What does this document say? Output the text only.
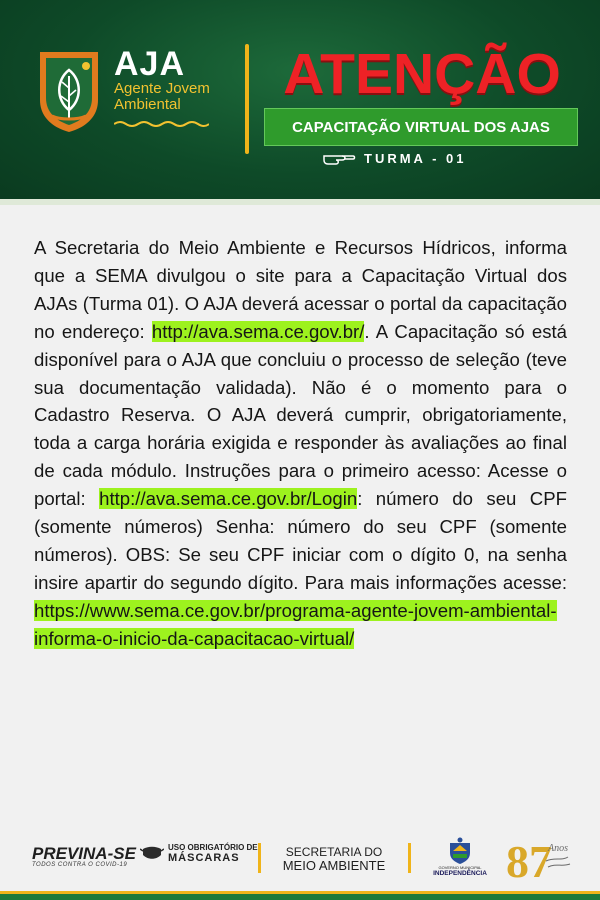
AJA
Agente Jovem
Ambiental	ATENÇÃO
CAPACITAÇÃO VIRTUAL DOS AJAS
TURMA - 01
A Secretaria do Meio Ambiente e Recursos Hídricos, informa que a SEMA divulgou o site para a Capacitação Virtual dos AJAs (Turma 01). O AJA deverá acessar o portal da capacitação no endereço: http://ava.sema.ce.gov.br/. A Capacitação só está disponível para o AJA que concluiu o processo de seleção (teve sua documentação validada). Não é o momento para o Cadastro Reserva. O AJA deverá cumprir, obrigatoriamente, toda a carga horária exigida e responder às avaliações ao final de cada módulo. Instruções para o primeiro acesso: Acesse o portal: http://ava.sema.ce.gov.br/Login: número do seu CPF (somente números) Senha: número do seu CPF (somente números). OBS: Se seu CPF iniciar com o dígito 0, na senha insire apartir do segundo dígito. Para mais informações acesse: https://www.sema.ce.gov.br/programa-agente-jovem-ambiental-informa-o-inicio-da-capacitacao-virtual/
PREVINA-SE
TODOS CONTRA O COVID-19
USO OBRIGATÓRIO DE
MÁSCARAS	SECRETARIA DO
MEIO AMBIENTE	GOVERNO MUNICIPAL
INDEPENDÊNCIA 87
Anos
